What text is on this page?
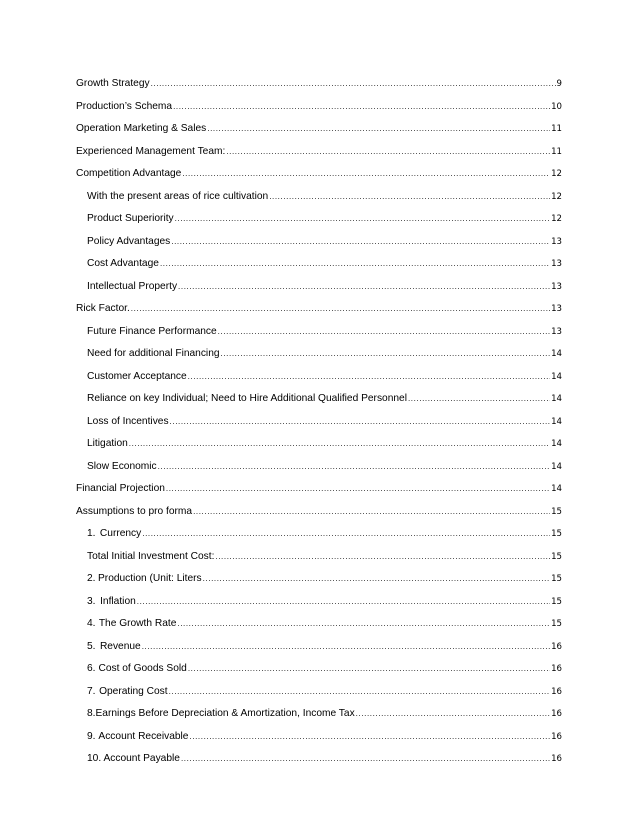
Growth Strategy .....	9
Production’s Schema .....	10
Operation Marketing & Sales .....	11
Experienced Management Team: .....	11
Competition Advantage .....	12
With the present areas of rice cultivation .....	12
Product Superiority .....	12
Policy Advantages .....	13
Cost Advantage .....	13
Intellectual Property .....	13
Rick Factor. .....	13
Future Finance Performance .....	13
Need for additional Financing .....	14
Customer Acceptance .....	14
Reliance on key Individual; Need to Hire Additional Qualified Personnel .....	14
Loss of Incentives .....	14
Litigation .....	14
Slow Economic .....	14
Financial Projection .....	14
Assumptions to pro forma .....	15
1. Currency .....	15
Total Initial Investment Cost: .....	15
2. Production (Unit: Liters .....	15
3. Inflation .....	15
4. The Growth Rate .....	15
5. Revenue .....	16
6. Cost of Goods Sold .....	16
7. Operating Cost .....	16
8. Earnings Before Depreciation & Amortization, Income Tax .....	16
9. Account Receivable .....	16
10. Account Payable .....	16
